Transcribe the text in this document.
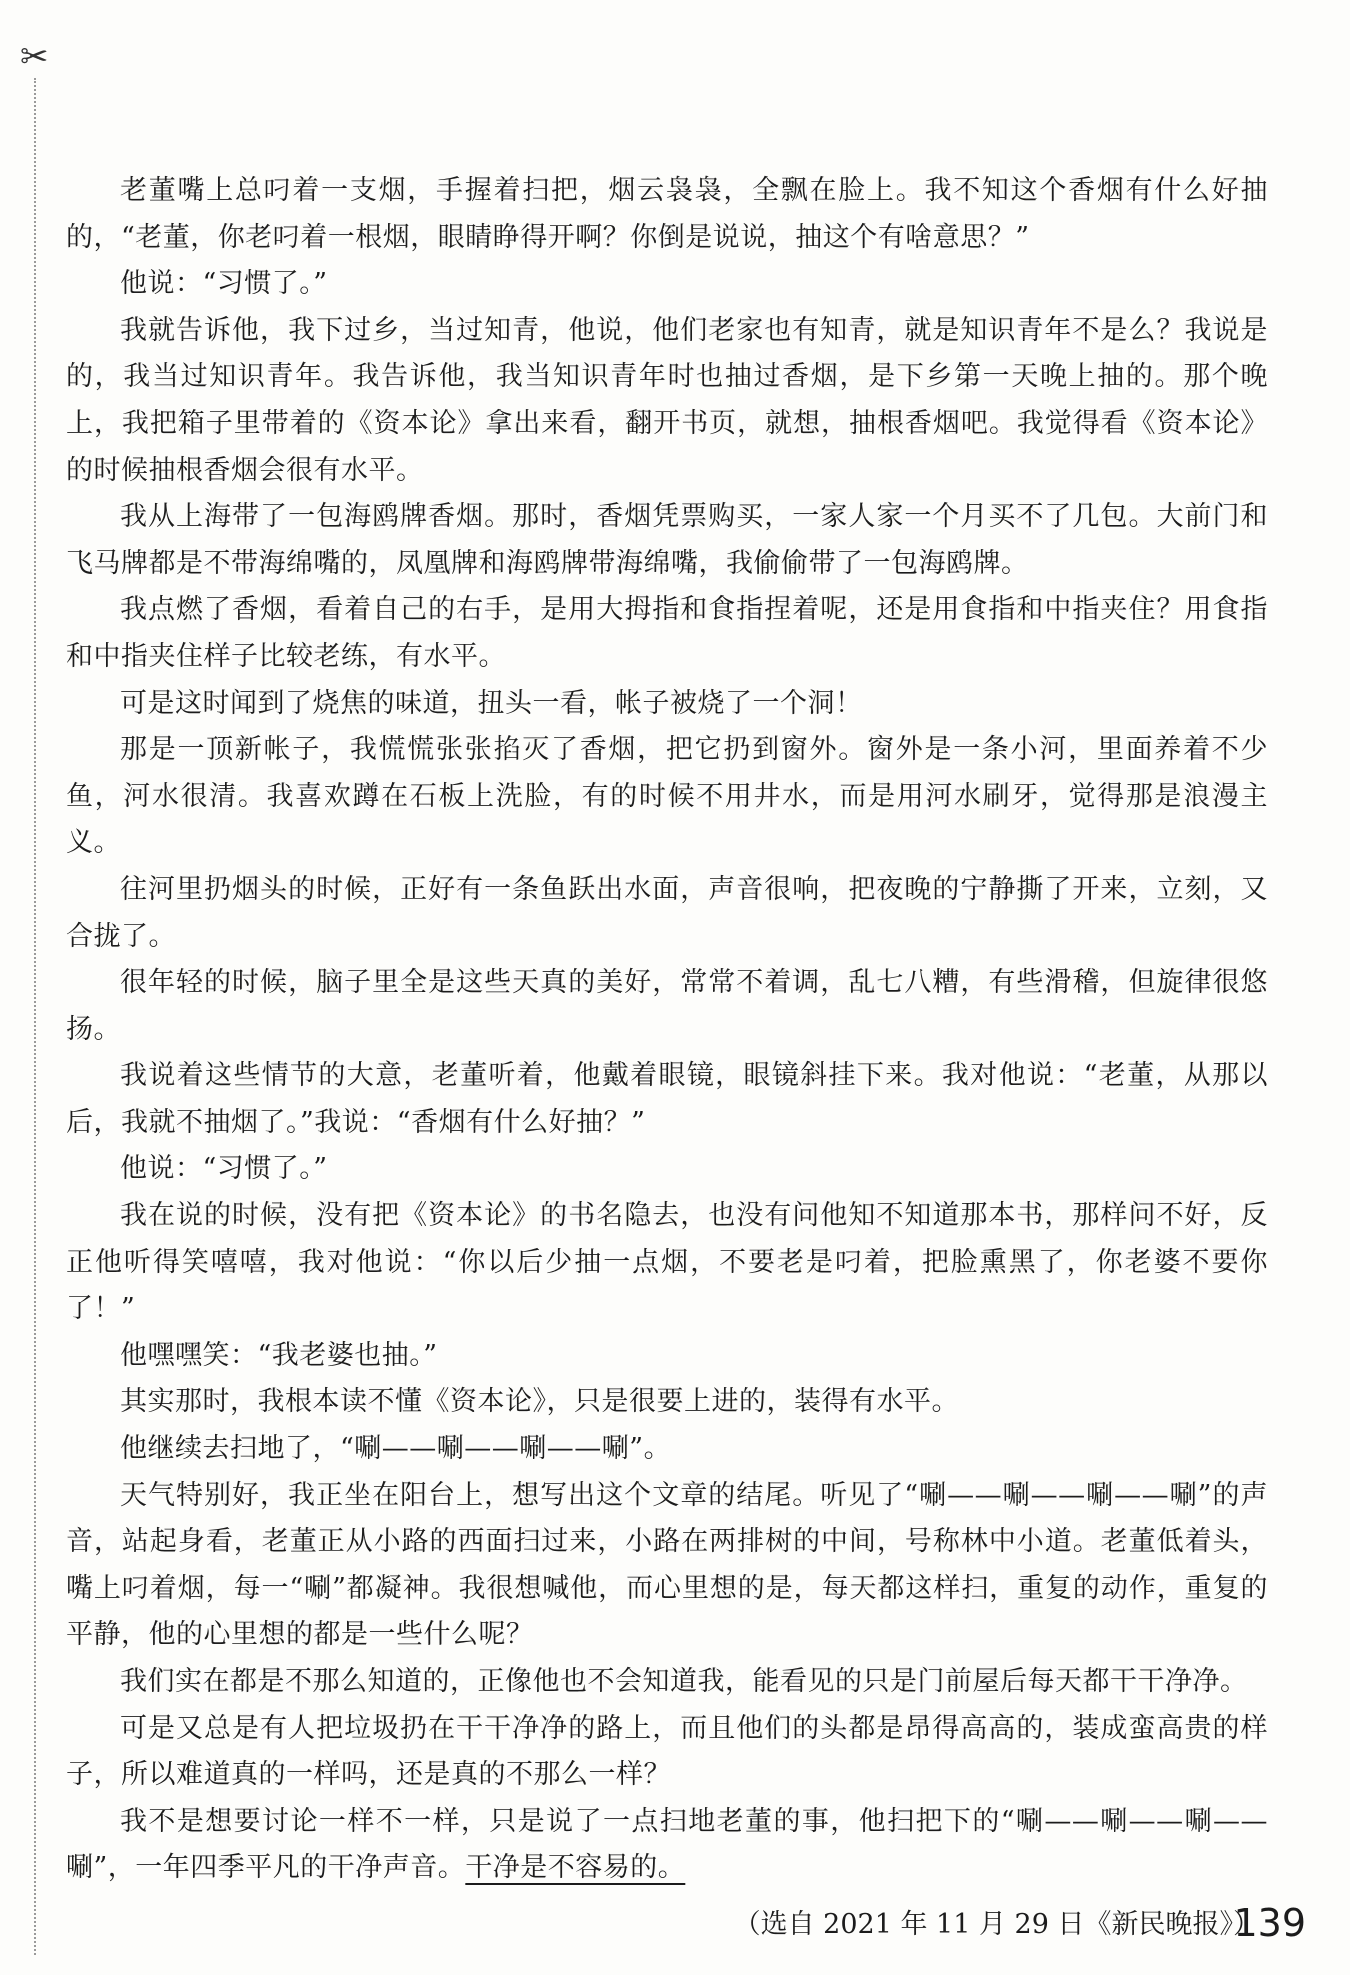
✂

老董嘴上总叼着一支烟，手握着扫把，烟云袅袅，全飘在脸上。我不知这个香烟有什么好抽的，“老董，你老叼着一根烟，眼睛睁得开啊？你倒是说说，抽这个有啥意思？”

他说：“习惯了。”

我就告诉他，我下过乡，当过知青，他说，他们老家也有知青，就是知识青年不是么？我说是的，我当过知识青年。我告诉他，我当知识青年时也抽过香烟，是下乡第一天晚上抽的。那个晚上，我把箱子里带着的《资本论》拿出来看，翻开书页，就想，抽根香烟吧。我觉得看《资本论》的时候抽根香烟会很有水平。

我从上海带了一包海鸥牌香烟。那时，香烟凭票购买，一家人家一个月买不了几包。大前门和飞马牌都是不带海绵嘴的，凤凰牌和海鸥牌带海绵嘴，我偷偷带了一包海鸥牌。

我点燃了香烟，看着自己的右手，是用大拇指和食指捏着呢，还是用食指和中指夹住？用食指和中指夹住样子比较老练，有水平。

可是这时闻到了烧焦的味道，扭头一看，帐子被烧了一个洞！

那是一顶新帐子，我慌慌张张掐灭了香烟，把它扔到窗外。窗外是一条小河，里面养着不少鱼，河水很清。我喜欢蹲在石板上洗脸，有的时候不用井水，而是用河水刷牙，觉得那是浪漫主义。

往河里扔烟头的时候，正好有一条鱼跃出水面，声音很响，把夜晚的宁静撕了开来，立刻，又合拢了。

很年轻的时候，脑子里全是这些天真的美好，常常不着调，乱七八糟，有些滑稽，但旋律很悠扬。

我说着这些情节的大意，老董听着，他戴着眼镜，眼镜斜挂下来。我对他说：“老董，从那以后，我就不抽烟了。”我说：“香烟有什么好抽？”

他说：“习惯了。”

我在说的时候，没有把《资本论》的书名隐去，也没有问他知不知道那本书，那样问不好，反正他听得笑嘻嘻，我对他说：“你以后少抽一点烟，不要老是叼着，把脸熏黑了，你老婆不要你了！”

他嘿嘿笑：“我老婆也抽。”

其实那时，我根本读不懂《资本论》，只是很要上进的，装得有水平。

他继续去扫地了，“唰——唰——唰——唰”。

天气特别好，我正坐在阳台上，想写出这个文章的结尾。听见了“唰——唰——唰——唰”的声音，站起身看，老董正从小路的西面扫过来，小路在两排树的中间，号称林中小道。老董低着头，嘴上叼着烟，每一“唰”都凝神。我很想喊他，而心里想的是，每天都这样扫，重复的动作，重复的平静，他的心里想的都是一些什么呢？

我们实在都是不那么知道的，正像他也不会知道我，能看见的只是门前屋后每天都干干净净。

可是又总是有人把垃圾扔在干干净净的路上，而且他们的头都是昂得高高的，装成蛮高贵的样子，所以难道真的一样吗，还是真的不那么一样？

我不是想要讨论一样不一样，只是说了一点扫地老董的事，他扫把下的“唰——唰——唰——唰”，一年四季平凡的干净声音。干净是不容易的。

（选自 2021 年 11 月 29 日《新民晚报》）

139
